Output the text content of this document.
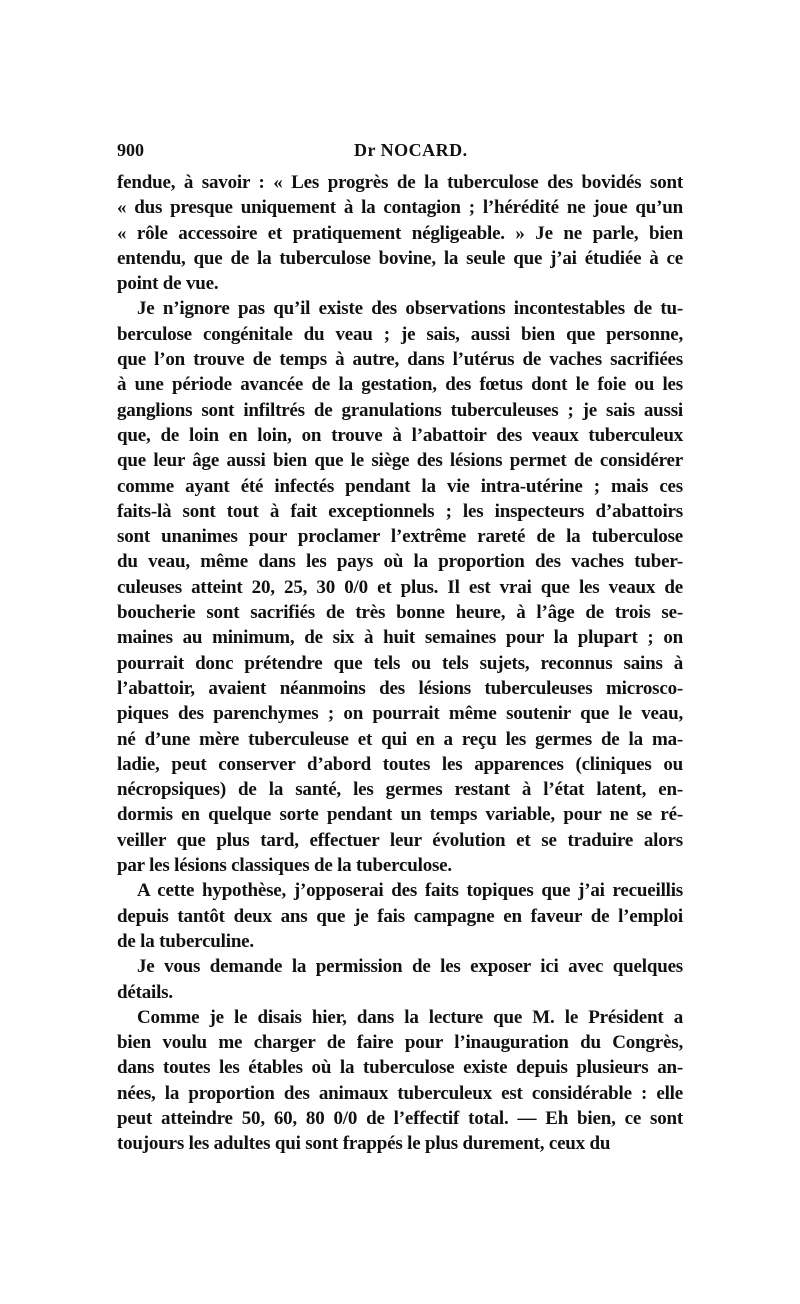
900	Dr NOCARD.
fendue, à savoir : « Les progrès de la tuberculose des bovidés sont
« dus presque uniquement à la contagion ; l’hérédité ne joue qu’un
« rôle accessoire et pratiquement négligeable. » Je ne parle, bien
entendu, que de la tuberculose bovine, la seule que j’ai étudiée à ce
point de vue.
Je n’ignore pas qu’il existe des observations incontestables de tu-
berculose congénitale du veau ; je sais, aussi bien que personne,
que l’on trouve de temps à autre, dans l’utérus de vaches sacrifiées
à une période avancée de la gestation, des fœtus dont le foie ou les
ganglions sont infiltrés de granulations tuberculeuses ; je sais aussi
que, de loin en loin, on trouve à l’abattoir des veaux tuberculeux
que leur âge aussi bien que le siège des lésions permet de considérer
comme ayant été infectés pendant la vie intra-utérine ; mais ces
faits-là sont tout à fait exceptionnels ; les inspecteurs d’abattoirs
sont unanimes pour proclamer l’extrême rareté de la tuberculose
du veau, même dans les pays où la proportion des vaches tuber-
culeuses atteint 20, 25, 30 0/0 et plus. Il est vrai que les veaux de
boucherie sont sacrifiés de très bonne heure, à l’âge de trois se-
maines au minimum, de six à huit semaines pour la plupart ; on
pourrait donc prétendre que tels ou tels sujets, reconnus sains à
l’abattoir, avaient néanmoins des lésions tuberculeuses microsco-
piques des parenchymes ; on pourrait même soutenir que le veau,
né d’une mère tuberculeuse et qui en a reçu les germes de la ma-
ladie, peut conserver d’abord toutes les apparences (cliniques ou
nécropsiques) de la santé, les germes restant à l’état latent, en-
dormis en quelque sorte pendant un temps variable, pour ne se ré-
veiller que plus tard, effectuer leur évolution et se traduire alors
par les lésions classiques de la tuberculose.
A cette hypothèse, j’opposerai des faits topiques que j’ai recueillis
depuis tantôt deux ans que je fais campagne en faveur de l’emploi
de la tuberculine.
Je vous demande la permission de les exposer ici avec quelques
détails.
Comme je le disais hier, dans la lecture que M. le Président a
bien voulu me charger de faire pour l’inauguration du Congrès,
dans toutes les étables où la tuberculose existe depuis plusieurs an-
nées, la proportion des animaux tuberculeux est considérable : elle
peut atteindre 50, 60, 80 0/0 de l’effectif total. — Eh bien, ce sont
toujours les adultes qui sont frappés le plus durement, ceux du
